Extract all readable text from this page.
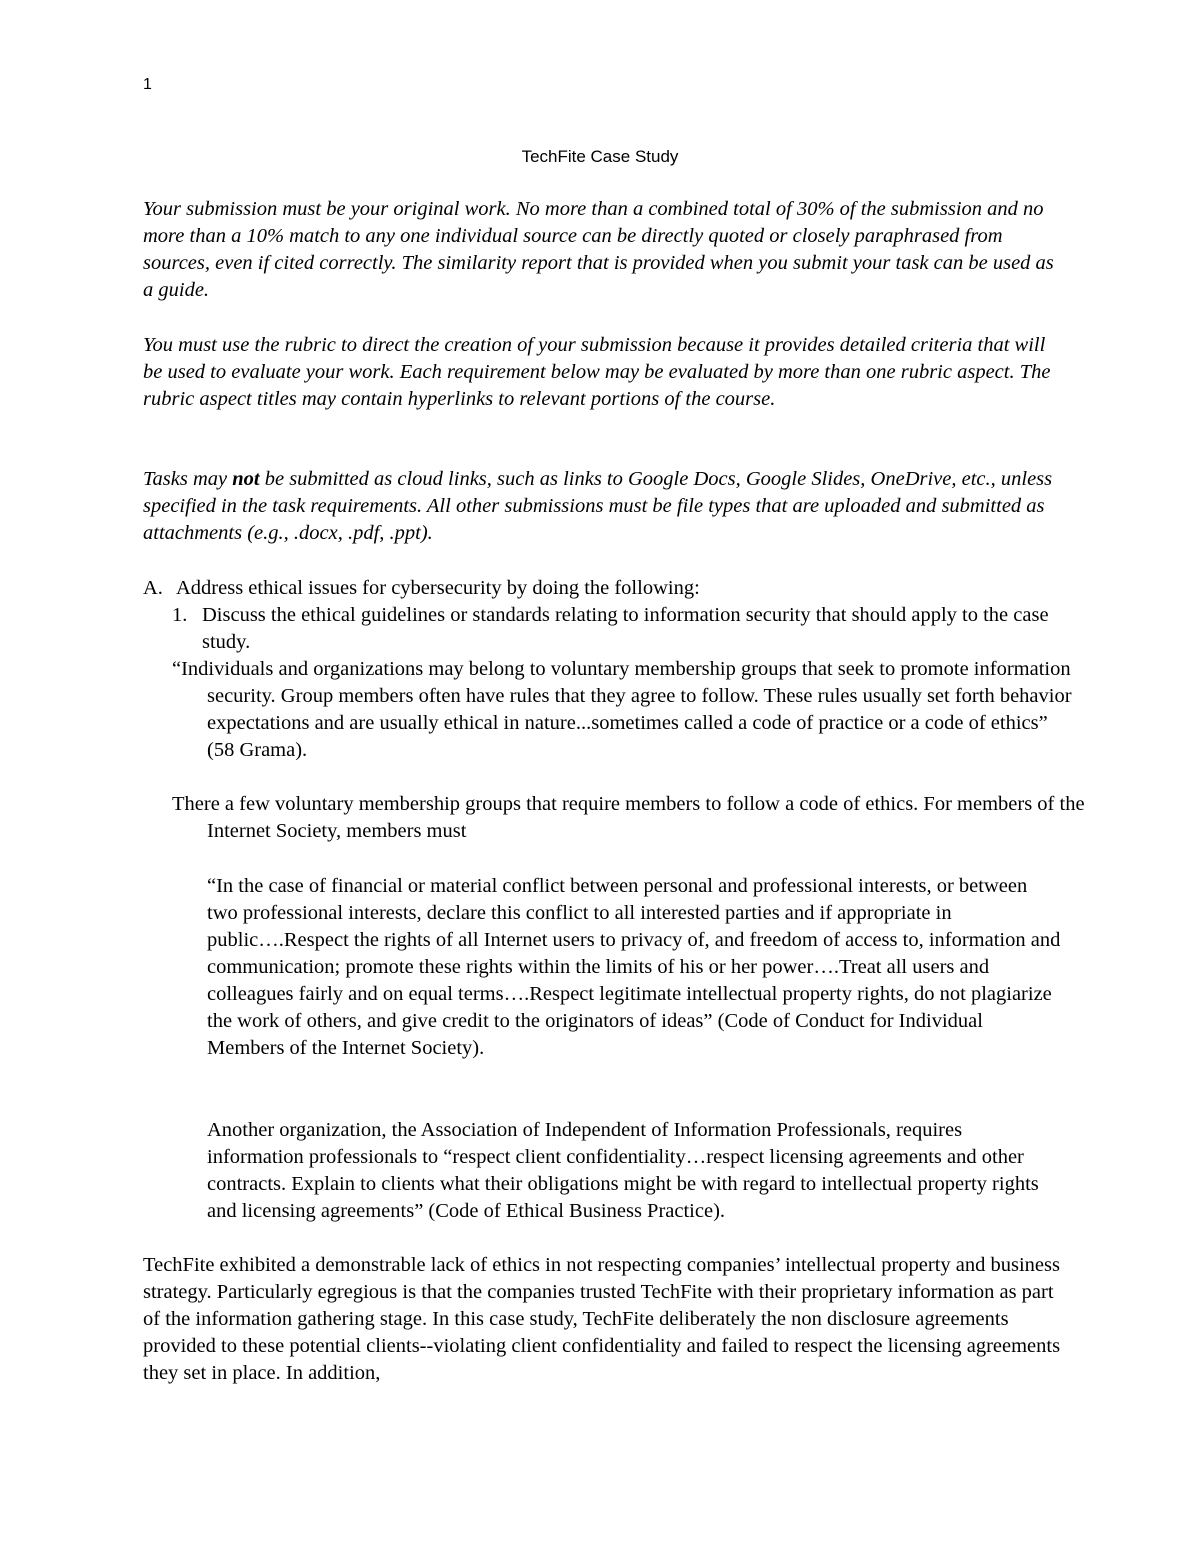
1
TechFite Case Study
Your submission must be your original work. No more than a combined total of 30% of the submission and no more than a 10% match to any one individual source can be directly quoted or closely paraphrased from sources, even if cited correctly. The similarity report that is provided when you submit your task can be used as a guide.
You must use the rubric to direct the creation of your submission because it provides detailed criteria that will be used to evaluate your work. Each requirement below may be evaluated by more than one rubric aspect. The rubric aspect titles may contain hyperlinks to relevant portions of the course.
Tasks may not be submitted as cloud links, such as links to Google Docs, Google Slides, OneDrive, etc., unless specified in the task requirements. All other submissions must be file types that are uploaded and submitted as attachments (e.g., .docx, .pdf, .ppt).
A. Address ethical issues for cybersecurity by doing the following:
1. Discuss the ethical guidelines or standards relating to information security that should apply to the case study.
“Individuals and organizations may belong to voluntary membership groups that seek to promote information security. Group members often have rules that they agree to follow. These rules usually set forth behavior expectations and are usually ethical in nature...sometimes called a code of practice or a code of ethics” (58 Grama).
There a few voluntary membership groups that require members to follow a code of ethics. For members of the Internet Society, members must
“In the case of financial or material conflict between personal and professional interests, or between two professional interests, declare this conflict to all interested parties and if appropriate in public….Respect the rights of all Internet users to privacy of, and freedom of access to, information and communication; promote these rights within the limits of his or her power….Treat all users and colleagues fairly and on equal terms….Respect legitimate intellectual property rights, do not plagiarize the work of others, and give credit to the originators of ideas” (Code of Conduct for Individual Members of the Internet Society).
Another organization, the Association of Independent of Information Professionals, requires information professionals to “respect client confidentiality…respect licensing agreements and other contracts. Explain to clients what their obligations might be with regard to intellectual property rights and licensing agreements” (Code of Ethical Business Practice).
TechFite exhibited a demonstrable lack of ethics in not respecting companies’ intellectual property and business strategy. Particularly egregious is that the companies trusted TechFite with their proprietary information as part of the information gathering stage. In this case study, TechFite deliberately the non disclosure agreements provided to these potential clients--violating client confidentiality and failed to respect the licensing agreements they set in place. In addition,
